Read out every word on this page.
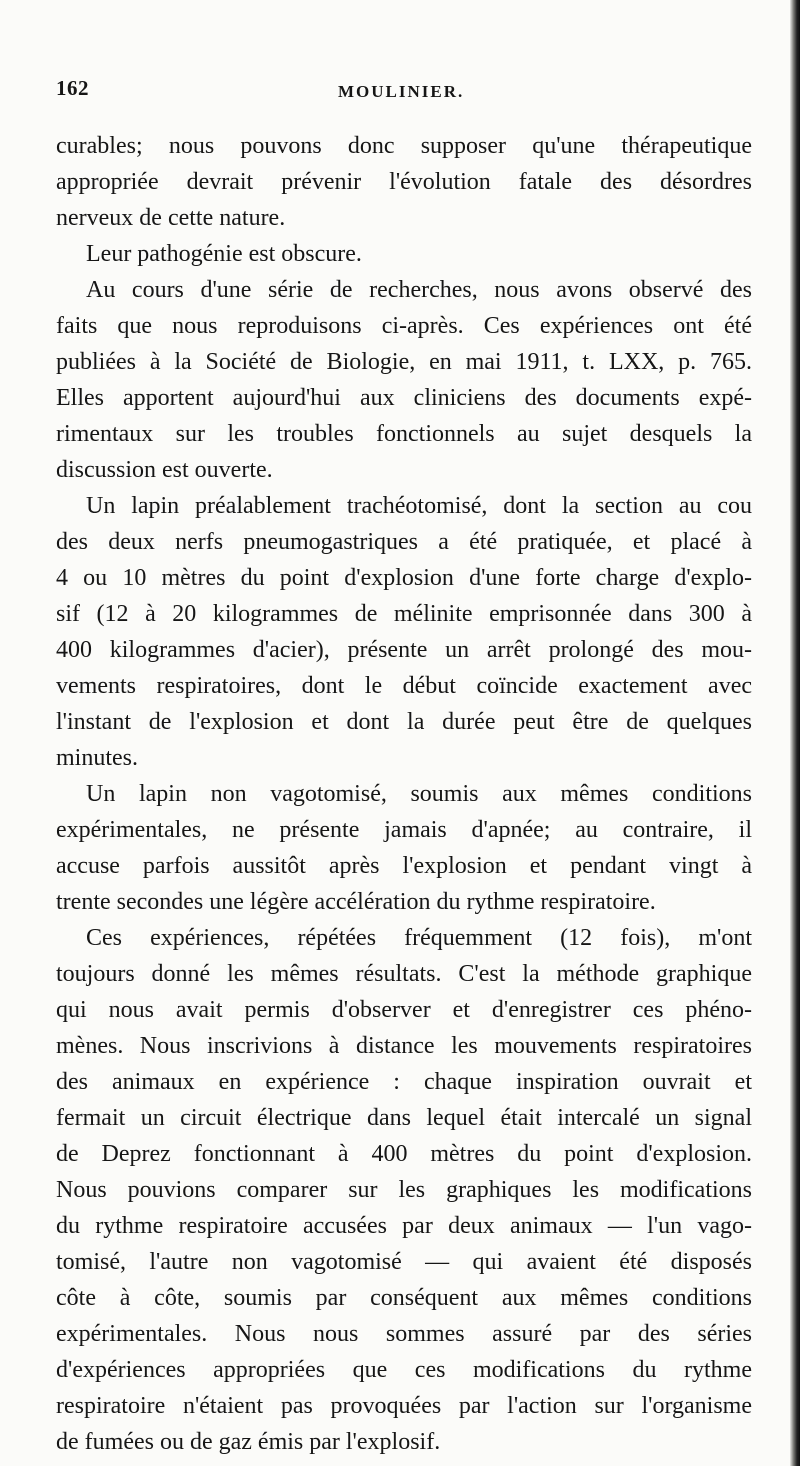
162	MOULINIER.
curables; nous pouvons donc supposer qu'une thérapeutique
appropriée devrait prévenir l'évolution fatale des désordres
nerveux de cette nature.
Leur pathogénie est obscure.
Au cours d'une série de recherches, nous avons observé des
faits que nous reproduisons ci-après. Ces expériences ont été
publiées à la Société de Biologie, en mai 1911, t. LXX, p. 765.
Elles apportent aujourd'hui aux cliniciens des documents expé-
rimentaux sur les troubles fonctionnels au sujet desquels la
discussion est ouverte.
Un lapin préalablement trachéotomisé, dont la section au cou
des deux nerfs pneumogastriques a été pratiquée, et placé à
4 ou 10 mètres du point d'explosion d'une forte charge d'explo-
sif (12 à 20 kilogrammes de mélinite emprisonnée dans 300 à
400 kilogrammes d'acier), présente un arrêt prolongé des mou-
vements respiratoires, dont le début coïncide exactement avec
l'instant de l'explosion et dont la durée peut être de quelques
minutes.
Un lapin non vagotomisé, soumis aux mêmes conditions
expérimentales, ne présente jamais d'apnée; au contraire, il
accuse parfois aussitôt après l'explosion et pendant vingt à
trente secondes une légère accélération du rythme respiratoire.
Ces expériences, répétées fréquemment (12 fois), m'ont
toujours donné les mêmes résultats. C'est la méthode graphique
qui nous avait permis d'observer et d'enregistrer ces phéno-
mènes. Nous inscrivions à distance les mouvements respiratoires
des animaux en expérience : chaque inspiration ouvrait et
fermait un circuit électrique dans lequel était intercalé un signal
de Deprez fonctionnant à 400 mètres du point d'explosion.
Nous pouvions comparer sur les graphiques les modifications
du rythme respiratoire accusées par deux animaux — l'un vago-
tomisé, l'autre non vagotomisé — qui avaient été disposés
côte à côte, soumis par conséquent aux mêmes conditions
expérimentales. Nous nous sommes assuré par des séries
d'expériences appropriées que ces modifications du rythme
respiratoire n'étaient pas provoquées par l'action sur l'organisme
de fumées ou de gaz émis par l'explosif.
